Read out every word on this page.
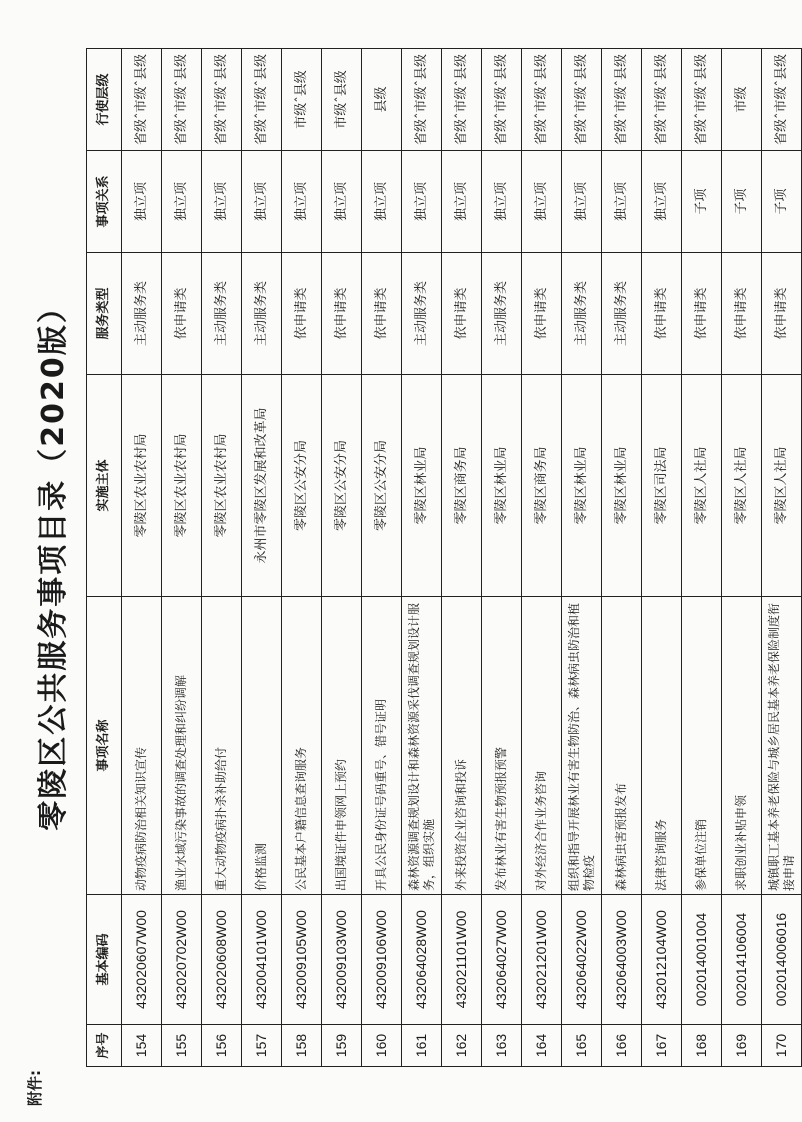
附件:
零陵区公共服务事项目录（2020版）
序号	基本编码	事项名称	实施主体	服务类型	事项关系	行使层级
154	432020607W00	动物疫病防治相关知识宣传	零陵区农业农村局	主动服务类	独立项	省级ˆ市级ˆ县级
155	432020702W00	渔业水域污染事故的调查处理和纠纷调解	零陵区农业农村局	依申请类	独立项	省级ˆ市级ˆ县级
156	432020608W00	重大动物疫病扑杀补助给付	零陵区农业农村局	主动服务类	独立项	省级ˆ市级ˆ县级
157	432004101W00	价格监测	永州市零陵区发展和改革局	主动服务类	独立项	省级ˆ市级ˆ县级
158	432009105W00	公民基本户籍信息查询服务	零陵区公安分局	依申请类	独立项	市级ˆ县级
159	432009103W00	出国境证件申领网上预约	零陵区公安分局	依申请类	独立项	市级ˆ县级
160	432009106W00	开具公民身份证号码重号、错号证明	零陵区公安分局	依申请类	独立项	县级
161	432064028W00	森林资源调查规划设计和森林资源采伐调查规划设计服务，组织实施	零陵区林业局	主动服务类	独立项	省级ˆ市级ˆ县级
162	432021101W00	外来投资企业咨询和投诉	零陵区商务局	依申请类	独立项	省级ˆ市级ˆ县级
163	432064027W00	发布林业有害生物预报预警	零陵区林业局	主动服务类	独立项	省级ˆ市级ˆ县级
164	432021201W00	对外经济合作业务咨询	零陵区商务局	依申请类	独立项	省级ˆ市级ˆ县级
165	432064022W00	组织和指导开展林业有害生物防治、森林病虫防治和植物检疫	零陵区林业局	主动服务类	独立项	省级ˆ市级ˆ县级
166	432064003W00	森林病虫害预报发布	零陵区林业局	主动服务类	独立项	省级ˆ市级ˆ县级
167	432012104W00	法律咨询服务	零陵区司法局	依申请类	独立项	省级ˆ市级ˆ县级
168	002014001004	参保单位注销	零陵区人社局	依申请类	子项	省级ˆ市级ˆ县级
169	002014106004	求职创业补贴申领	零陵区人社局	依申请类	子项	市级
170	002014006016	城镇职工基本养老保险与城乡居民基本养老保险制度衔接申请	零陵区人社局	依申请类	子项	省级ˆ市级ˆ县级
